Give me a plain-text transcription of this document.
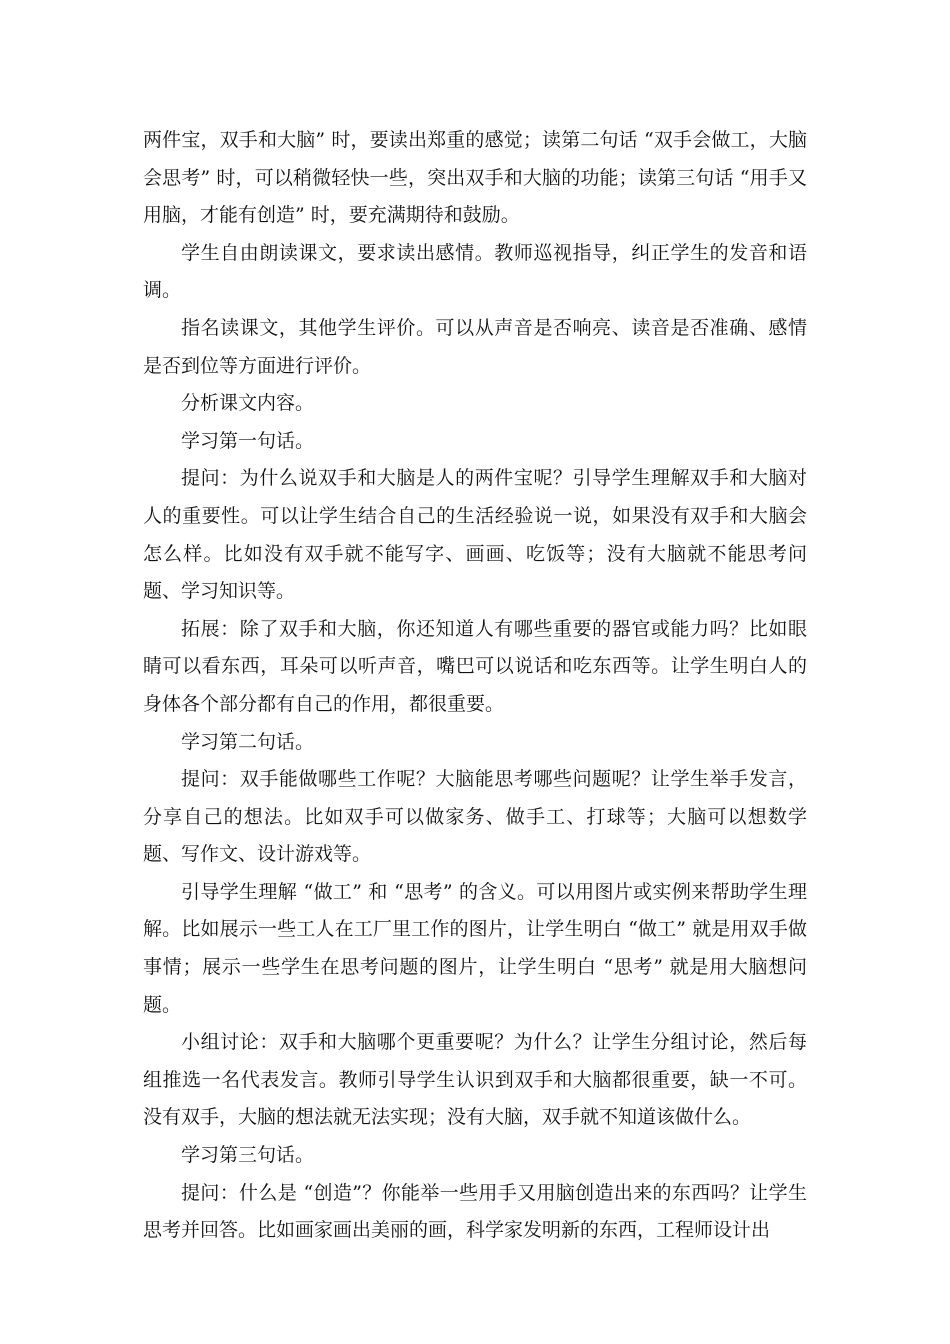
两件宝，双手和大脑” 时，要读出郑重的感觉；读第二句话 “双手会做工，大脑会思考” 时，可以稍微轻快一些，突出双手和大脑的功能；读第三句话 “用手又用脑，才能有创造” 时，要充满期待和鼓励。

学生自由朗读课文，要求读出感情。教师巡视指导，纠正学生的发音和语调。

指名读课文，其他学生评价。可以从声音是否响亮、读音是否准确、感情是否到位等方面进行评价。

分析课文内容。

学习第一句话。

提问：为什么说双手和大脑是人的两件宝呢？引导学生理解双手和大脑对人的重要性。可以让学生结合自己的生活经验说一说，如果没有双手和大脑会怎么样。比如没有双手就不能写字、画画、吃饭等；没有大脑就不能思考问题、学习知识等。

拓展：除了双手和大脑，你还知道人有哪些重要的器官或能力吗？比如眼睛可以看东西，耳朵可以听声音，嘴巴可以说话和吃东西等。让学生明白人的身体各个部分都有自己的作用，都很重要。

学习第二句话。

提问：双手能做哪些工作呢？大脑能思考哪些问题呢？让学生举手发言，分享自己的想法。比如双手可以做家务、做手工、打球等；大脑可以想数学题、写作文、设计游戏等。

引导学生理解 “做工” 和 “思考” 的含义。可以用图片或实例来帮助学生理解。比如展示一些工人在工厂里工作的图片，让学生明白 “做工” 就是用双手做事情；展示一些学生在思考问题的图片，让学生明白 “思考” 就是用大脑想问题。

小组讨论：双手和大脑哪个更重要呢？为什么？让学生分组讨论，然后每组推选一名代表发言。教师引导学生认识到双手和大脑都很重要，缺一不可。没有双手，大脑的想法就无法实现；没有大脑，双手就不知道该做什么。

学习第三句话。

提问：什么是 “创造”？你能举一些用手又用脑创造出来的东西吗？让学生思考并回答。比如画家画出美丽的画，科学家发明新的东西，工程师设计出
